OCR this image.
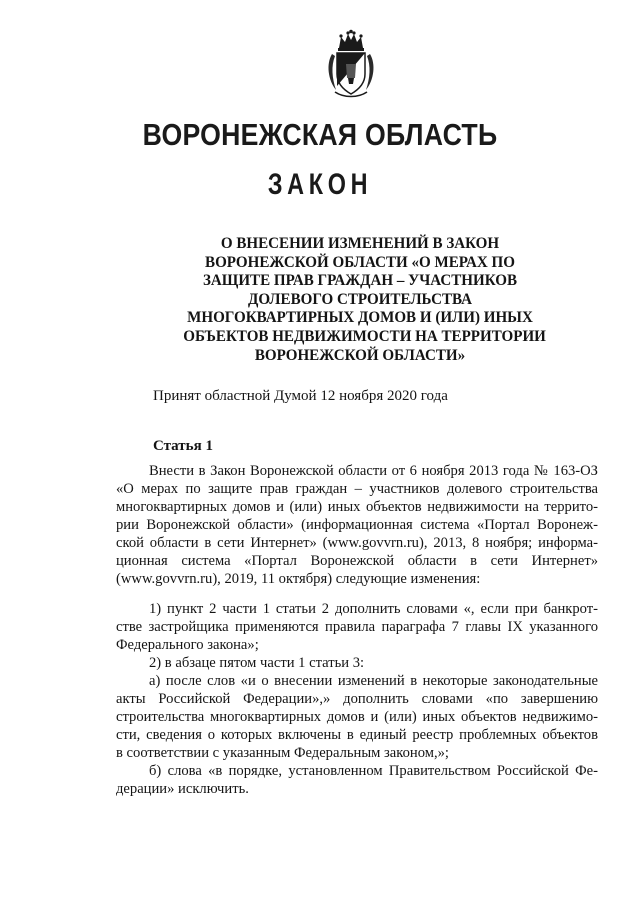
ВОРОНЕЖСКАЯ ОБЛАСТЬ
ЗАКОН
О ВНЕСЕНИИ ИЗМЕНЕНИЙ В ЗАКОН
ВОРОНЕЖСКОЙ ОБЛАСТИ «О МЕРАХ ПО
ЗАЩИТЕ ПРАВ ГРАЖДАН – УЧАСТНИКОВ
ДОЛЕВОГО СТРОИТЕЛЬСТВА
МНОГОКВАРТИРНЫХ ДОМОВ И (ИЛИ) ИНЫХ
ОБЪЕКТОВ НЕДВИЖИМОСТИ НА ТЕРРИТОРИИ
ВОРОНЕЖСКОЙ ОБЛАСТИ»
Принят областной Думой 12 ноября 2020 года
Статья 1
Внести в Закон Воронежской области от 6 ноября 2013 года № 163-ОЗ
«О мерах по защите прав граждан – участников долевого строительства
многоквартирных домов и (или) иных объектов недвижимости на террито-
рии Воронежской области» (информационная система «Портал Воронеж-
ской области в сети Интернет» (www.govvrn.ru), 2013, 8 ноября; информа-
ционная система «Портал Воронежской области в сети Интернет»
(www.govvrn.ru), 2019, 11 октября) следующие изменения:
1) пункт 2 части 1 статьи 2 дополнить словами «, если при банкрот-
стве застройщика применяются правила параграфа 7 главы IX указанного
Федерального закона»;
2) в абзаце пятом части 1 статьи 3:
а) после слов «и о внесении изменений в некоторые законодательные
акты Российской Федерации»,» дополнить словами «по завершению
строительства многоквартирных домов и (или) иных объектов недвижимо-
сти, сведения о которых включены в единый реестр проблемных объектов
в соответствии с указанным Федеральным законом,»;
б) слова «в порядке, установленном Правительством Российской Фе-
дерации» исключить.
